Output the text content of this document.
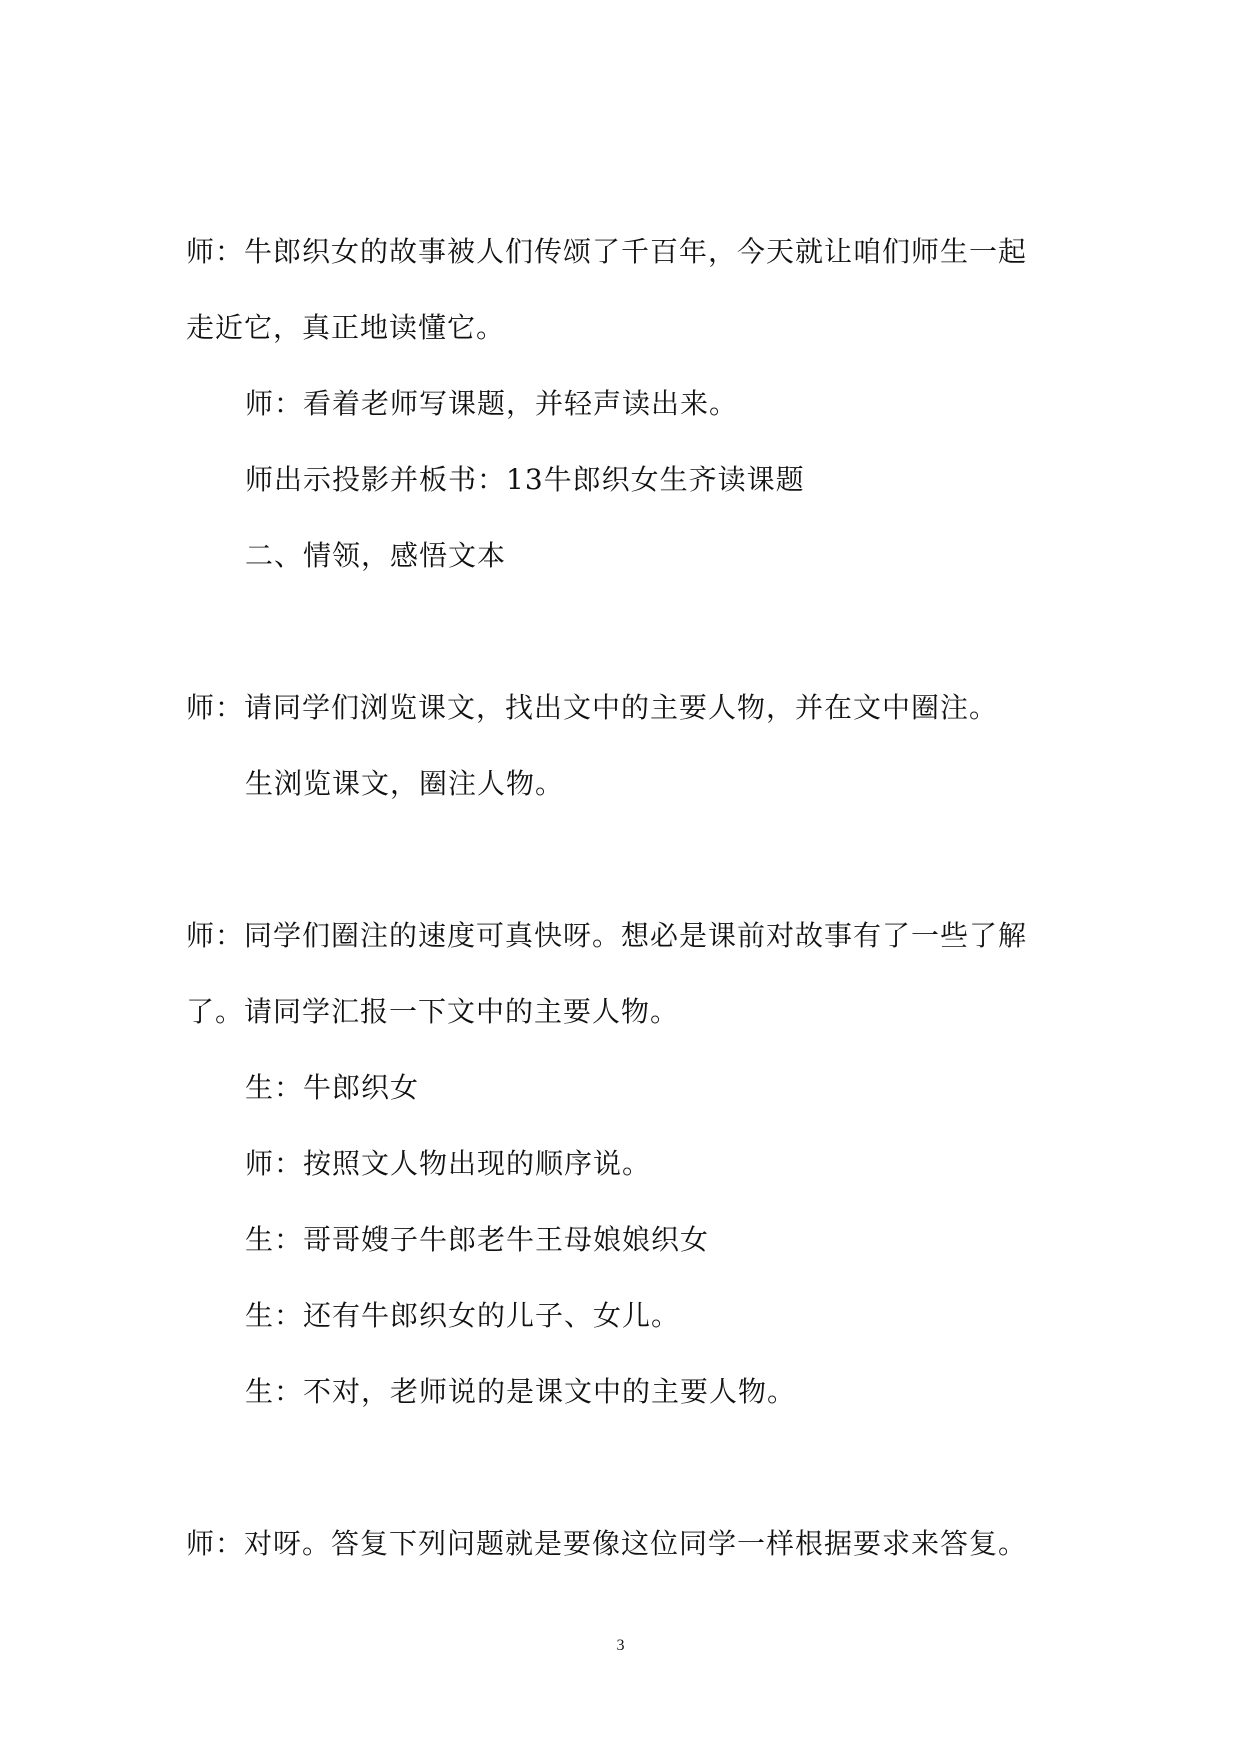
师：牛郎织女的故事被人们传颂了千百年，今天就让咱们师生一起
走近它，真正地读懂它。
师：看着老师写课题，并轻声读出来。
师出示投影并板书：13牛郎织女生齐读课题
二、情领，感悟文本
师：请同学们浏览课文，找出文中的主要人物，并在文中圈注。
生浏览课文，圈注人物。
师：同学们圈注的速度可真快呀。想必是课前对故事有了一些了解
了。请同学汇报一下文中的主要人物。
生：牛郎织女
师：按照文人物出现的顺序说。
生：哥哥嫂子牛郎老牛王母娘娘织女
生：还有牛郎织女的儿子、女儿。
生：不对，老师说的是课文中的主要人物。
师：对呀。答复下列问题就是要像这位同学一样根据要求来答复。
3
